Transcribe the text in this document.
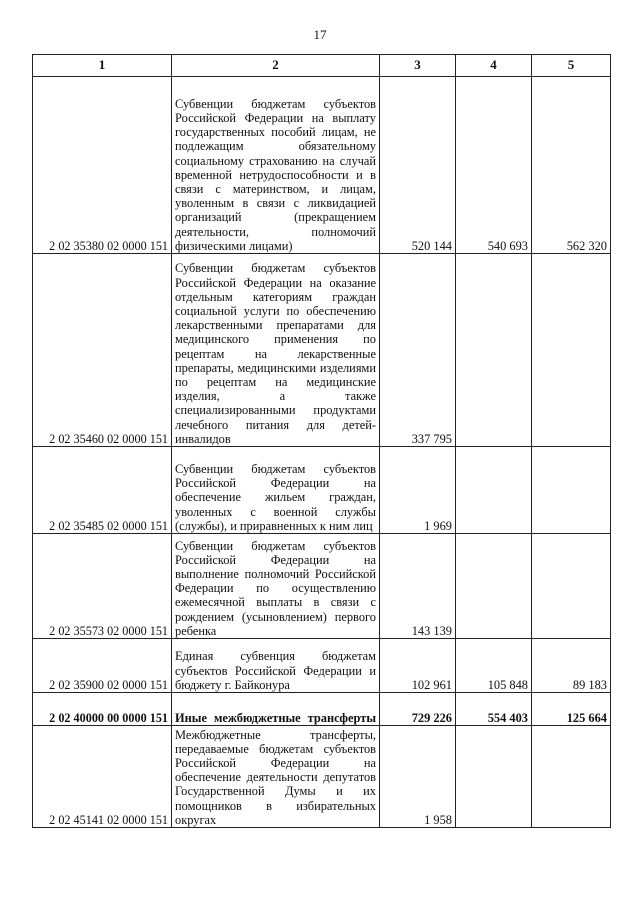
17
1	2	3	4	5
2 02 35380 02 0000 151	Субвенции бюджетам субъектов Российской Федерации на выплату государственных пособий лицам, не подлежащим обязательному социальному страхованию на случай временной нетрудоспособности и в связи с материнством, и лицам, уволенным в связи с ликвидацией организаций (прекращением деятельности, полномочий физическими лицами)	520 144	540 693	562 320
2 02 35460 02 0000 151	Субвенции бюджетам субъектов Российской Федерации на оказание отдельным категориям граждан социальной услуги по обеспечению лекарственными препаратами для медицинского применения по рецептам на лекарственные препараты, медицинскими изделиями по рецептам на медицинские изделия, а также специализированными продуктами лечебного питания для детей-инвалидов	337 795		
2 02 35485 02 0000 151	Субвенции бюджетам субъектов Российской Федерации на обеспечение жильем граждан, уволенных с военной службы (службы), и приравненных к ним лиц	1 969		
2 02 35573 02 0000 151	Субвенции бюджетам субъектов Российской Федерации на выполнение полномочий Российской Федерации по осуществлению ежемесячной выплаты в связи с рождением (усыновлением) первого ребенка	143 139		
2 02 35900 02 0000 151	Единая субвенция бюджетам субъектов Российской Федерации и бюджету г. Байконура	102 961	105 848	89 183
2 02 40000 00 0000 151	Иные межбюджетные трансферты	729 226	554 403	125 664
2 02 45141 02 0000 151	Межбюджетные трансферты, передаваемые бюджетам субъектов Российской Федерации на обеспечение деятельности депутатов Государственной Думы и их помощников в избирательных округах	1 958		
